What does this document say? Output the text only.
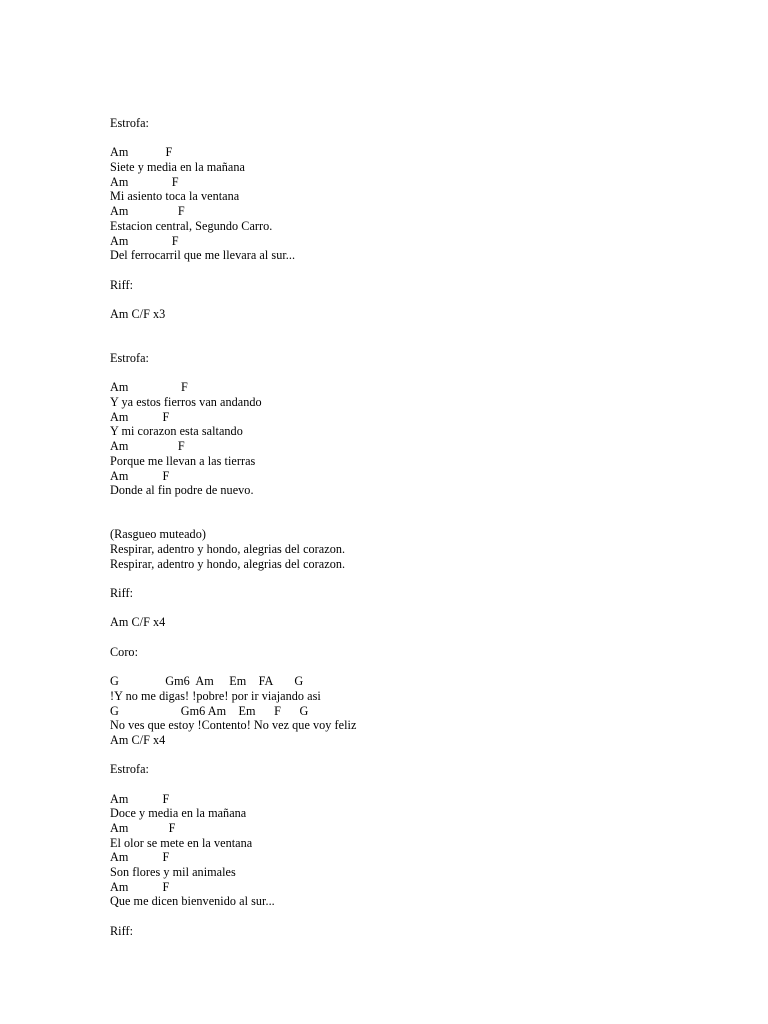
Estrofa:
Am            F
Siete y media en la mañana
Am              F
Mi asiento toca la ventana
Am                F
Estacion central, Segundo Carro.
Am              F
Del ferrocarril que me llevara al sur...
Riff:
Am C/F x3
Estrofa:
Am                 F
Y ya estos fierros van andando
Am           F
Y mi corazon esta saltando
Am                F
Porque me llevan a las tierras
Am           F
Donde al fin podre de nuevo.
(Rasgueo muteado)
Respirar, adentro y hondo, alegrias del corazon.
Respirar, adentro y hondo, alegrias del corazon.
Riff:
Am C/F x4
Coro:
G               Gm6  Am     Em    FA       G
!Y no me digas! !pobre! por ir viajando asi
G                    Gm6 Am    Em      F      G
No ves que estoy !Contento! No vez que voy feliz
Am C/F x4
Estrofa:
Am           F
Doce y media en la mañana
Am             F
El olor se mete en la ventana
Am           F
Son flores y mil animales
Am           F
Que me dicen bienvenido al sur...
Riff:
